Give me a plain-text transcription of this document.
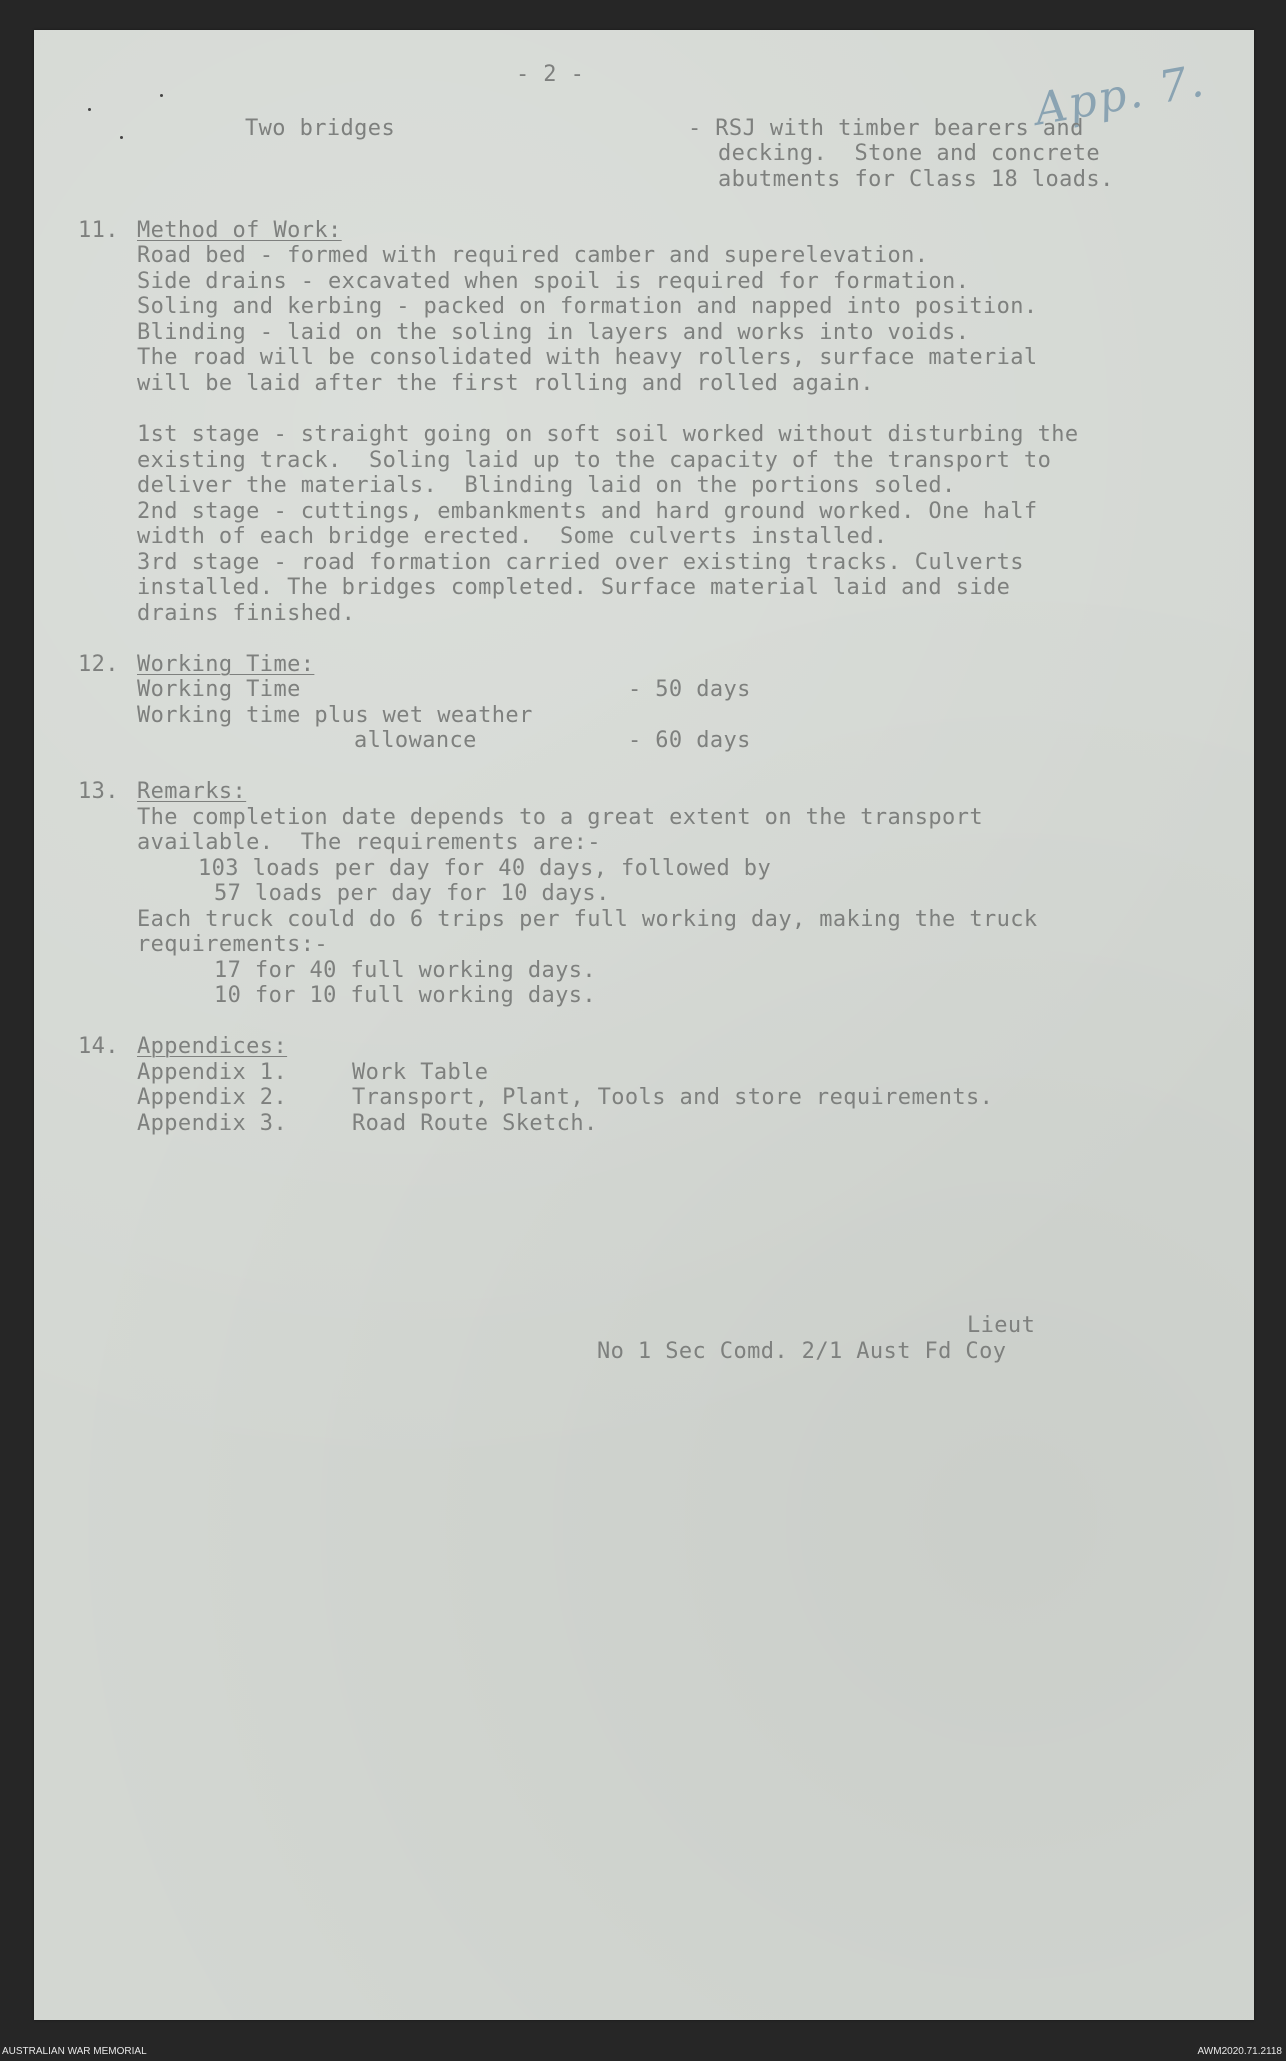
- 2 -	App. 7.
Two bridges	- RSJ with timber bearers and
decking.  Stone and concrete
abutments for Class 18 loads.
11. Method of Work:
Road bed - formed with required camber and superelevation.
Side drains - excavated when spoil is required for formation.
Soling and kerbing - packed on formation and napped into position.
Blinding - laid on the soling in layers and works into voids.
The road will be consolidated with heavy rollers, surface material
will be laid after the first rolling and rolled again.
1st stage - straight going on soft soil worked without disturbing the
existing track.  Soling laid up to the capacity of the transport to
deliver the materials.  Blinding laid on the portions soled.
2nd stage - cuttings, embankments and hard ground worked. One half
width of each bridge erected.  Some culverts installed.
3rd stage - road formation carried over existing tracks. Culverts
installed. The bridges completed. Surface material laid and side
drains finished.
12. Working Time:
Working Time	- 50 days
Working time plus wet weather
allowance	- 60 days
13. Remarks:
The completion date depends to a great extent on the transport
available.  The requirements are:-
103 loads per day for 40 days, followed by
57 loads per day for 10 days.
Each truck could do 6 trips per full working day, making the truck
requirements:-
17 for 40 full working days.
10 for 10 full working days.
14. Appendices:
Appendix 1.	Work Table
Appendix 2.	Transport, Plant, Tools and store requirements.
Appendix 3.	Road Route Sketch.
Lieut
No 1 Sec Comd. 2/1 Aust Fd Coy
AUSTRALIAN WAR MEMORIAL	AWM2020.71.2118
